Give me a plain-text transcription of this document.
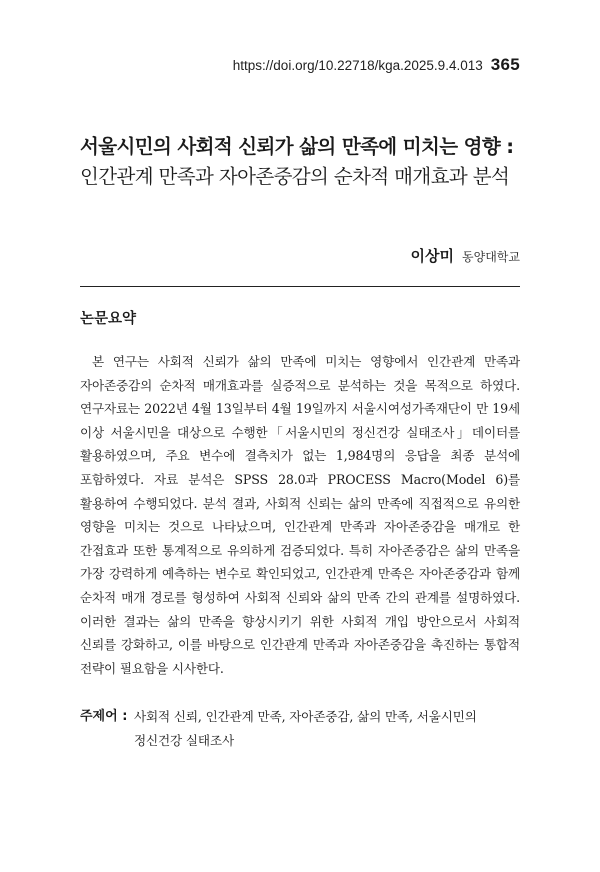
https://doi.org/10.22718/kga.2025.9.4.013 365
서울시민의 사회적 신뢰가 삶의 만족에 미치는 영향 :
인간관계 만족과 자아존중감의 순차적 매개효과 분석
이상미 동양대학교
논문요약

본 연구는 사회적 신뢰가 삶의 만족에 미치는 영향에서 인간관계 만족과 자아존중감의 순차적 매개효과를 실증적으로 분석하는 것을 목적으로 하였다. 연구자료는 2022년 4월 13일부터 4월 19일까지 서울시여성가족재단이 만 19세 이상 서울시민을 대상으로 수행한「서울시민의 정신건강 실태조사」데이터를 활용하였으며, 주요 변수에 결측치가 없는 1,984명의 응답을 최종 분석에 포함하였다. 자료 분석은 SPSS 28.0과 PROCESS Macro(Model 6)를 활용하여 수행되었다. 분석 결과, 사회적 신뢰는 삶의 만족에 직접적으로 유의한 영향을 미치는 것으로 나타났으며, 인간관계 만족과 자아존중감을 매개로 한 간접효과 또한 통계적으로 유의하게 검증되었다. 특히 자아존중감은 삶의 만족을 가장 강력하게 예측하는 변수로 확인되었고, 인간관계 만족은 자아존중감과 함께 순차적 매개 경로를 형성하여 사회적 신뢰와 삶의 만족 간의 관계를 설명하였다. 이러한 결과는 삶의 만족을 향상시키기 위한 사회적 개입 방안으로서 사회적 신뢰를 강화하고, 이를 바탕으로 인간관계 만족과 자아존중감을 촉진하는 통합적 전략이 필요함을 시사한다.

주제어 : 사회적 신뢰, 인간관계 만족, 자아존중감, 삶의 만족, 서울시민의 정신건강 실태조사
